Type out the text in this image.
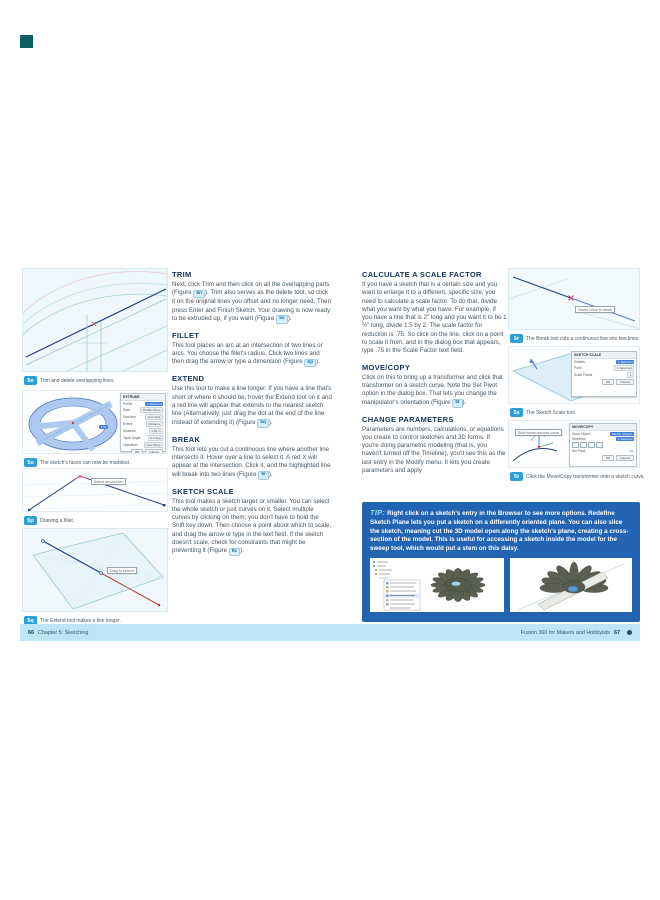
5n	Trim and delete overlapping lines.
1.50
EXTRUDE
Profile	1 Selected
Start	Profile Plane
Direction	One Side
Extent	Distance
Distance	1.50 in
Taper Angle	0.0 deg
Operation	New Body
OK	Cancel
5o	The sketch's faces can now be modeled.
Select second line
5p	Drawing a fillet.
Drag to extend
5q	The Extend tool makes a line longer.
TRIM

Next, click Trim and then click on all the overlapping parts (Figure 5n ). Trim also serves as the delete tool, so click it on the original lines you offset and no longer need. Then press Enter and Finish Sketch. Your drawing is now ready to be extruded up, if you want (Figure 5o ).

FILLET

This tool places an arc at an intersection of two lines or arcs. You choose the fillet's radius. Click two lines and then drag the arrow or type a dimension (Figure 5p ).

EXTEND

Use this tool to make a line longer. If you have a line that's short of where it should be, hover the Extend tool on it and a red line will appear that extends to the nearest sketch line (Alternatively, just drag the dot at the end of the line instead of extending it) (Figure 5q ).

BREAK

This tool lets you cut a continuous line where another line intersects it. Hover over a line to select it. A red X will appear at the intersection. Click it, and the highlighted line will break into two lines (Figure 5r ).

SKETCH SCALE

This tool makes a sketch larger or smaller. You can select the whole sketch or just curves on it. Select multiple curves by clicking on them; you don't have to hold the Shift key down. Then choose a point about which to scale, and drag the arrow or type in the text field. If the sketch doesn't scale, check for constraints that might be preventing it (Figure 5s ).

CALCULATE A SCALE FACTOR

If you have a sketch that is a certain size and you want to enlarge it to a different, specific size, you need to calculate a scale factor. To do that, divide what you want by what you have. For example, if you have a line that is 2" long and you want it to be 1 ½" long, divide 1.5 by 2. The scale factor for reduction is .75. So click on the line, click on a point to scale it from, and in the dialog box that appears, type .75 in the Scale Factor text field.

MOVE/COPY

Click on this to bring up a transformer and click that transformer on a sketch curve. Note the Set Pivot option in the dialog box. That lets you change the manipulator's orientation (Figure 5t ).

CHANGE PARAMETERS

Parameters are numbers, calculations, or equations you create to control sketches and 3D forms. If you're doing parametric modeling (that is, you haven't turned off the Timeline), you'll see this as the last entry in the Modify menu. It lets you create parameters and apply

Select curve to break
5r	The Break tool cuts a continuous line into two lines.
SKETCH SCALE
Entities	1 Selected
Point	1 Selected
Scale Factor	1
OK	Cancel
5s	The Sketch Scale tool.
Shift+select second curve
MOVE/COPY
Move Object	Sketch Objects
Selection	1 Selected
Set Pivot
OK	Cancel
5t	Click the Move/Copy transformer onto a sketch curve.

TIP: Right click on a sketch's entry in the Browser to see more options. Redefine Sketch Plane lets you put a sketch on a differently oriented plane. You can also slice the sketch, meaning cut the 3D model open along the sketch's plane, creating a cross-section of the model. This is useful for accessing a sketch inside the model for the sweep tool, which would put a stem on this daisy.

66 Chapter 5: Sketching	Fusion 360 for Makers and Hobbyists 67
